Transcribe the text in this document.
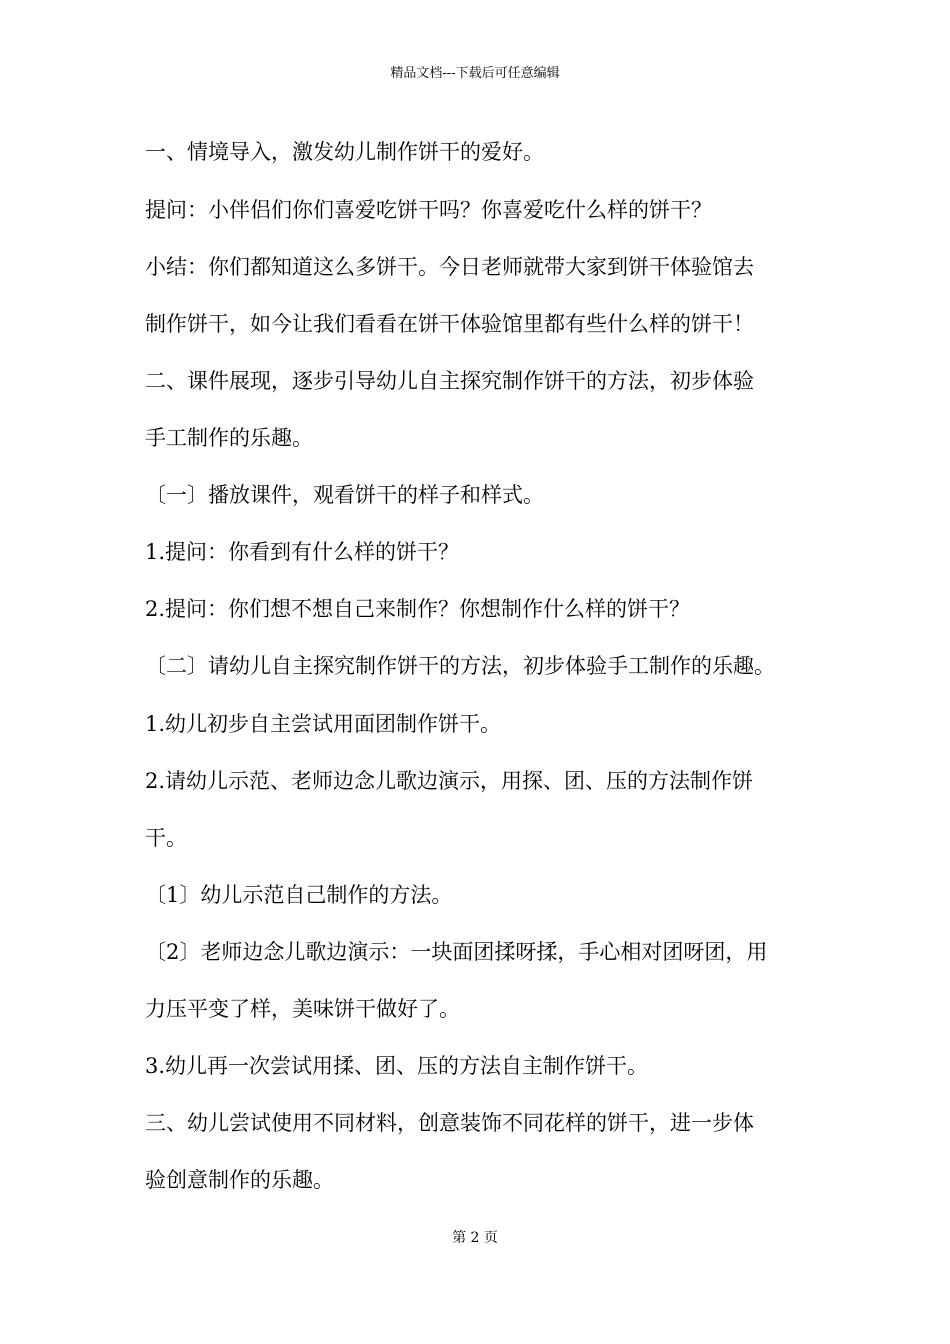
精品文档---下载后可任意编辑
一、情境导入，激发幼儿制作饼干的爱好。
提问：小伴侣们你们喜爱吃饼干吗？你喜爱吃什么样的饼干？
小结：你们都知道这么多饼干。今日老师就带大家到饼干体验馆去
制作饼干，如今让我们看看在饼干体验馆里都有些什么样的饼干！
二、课件展现，逐步引导幼儿自主探究制作饼干的方法，初步体验
手工制作的乐趣。
〔一〕播放课件，观看饼干的样子和样式。
1.提问：你看到有什么样的饼干？
2.提问：你们想不想自己来制作？你想制作什么样的饼干？
〔二〕请幼儿自主探究制作饼干的方法，初步体验手工制作的乐趣。
1.幼儿初步自主尝试用面团制作饼干。
2.请幼儿示范、老师边念儿歌边演示，用探、团、压的方法制作饼
干。
〔1〕幼儿示范自己制作的方法。
〔2〕老师边念儿歌边演示：一块面团揉呀揉，手心相对团呀团，用
力压平变了样，美味饼干做好了。
3.幼儿再一次尝试用揉、团、压的方法自主制作饼干。
三、幼儿尝试使用不同材料，创意装饰不同花样的饼干，进一步体
验创意制作的乐趣。
第 2 页
